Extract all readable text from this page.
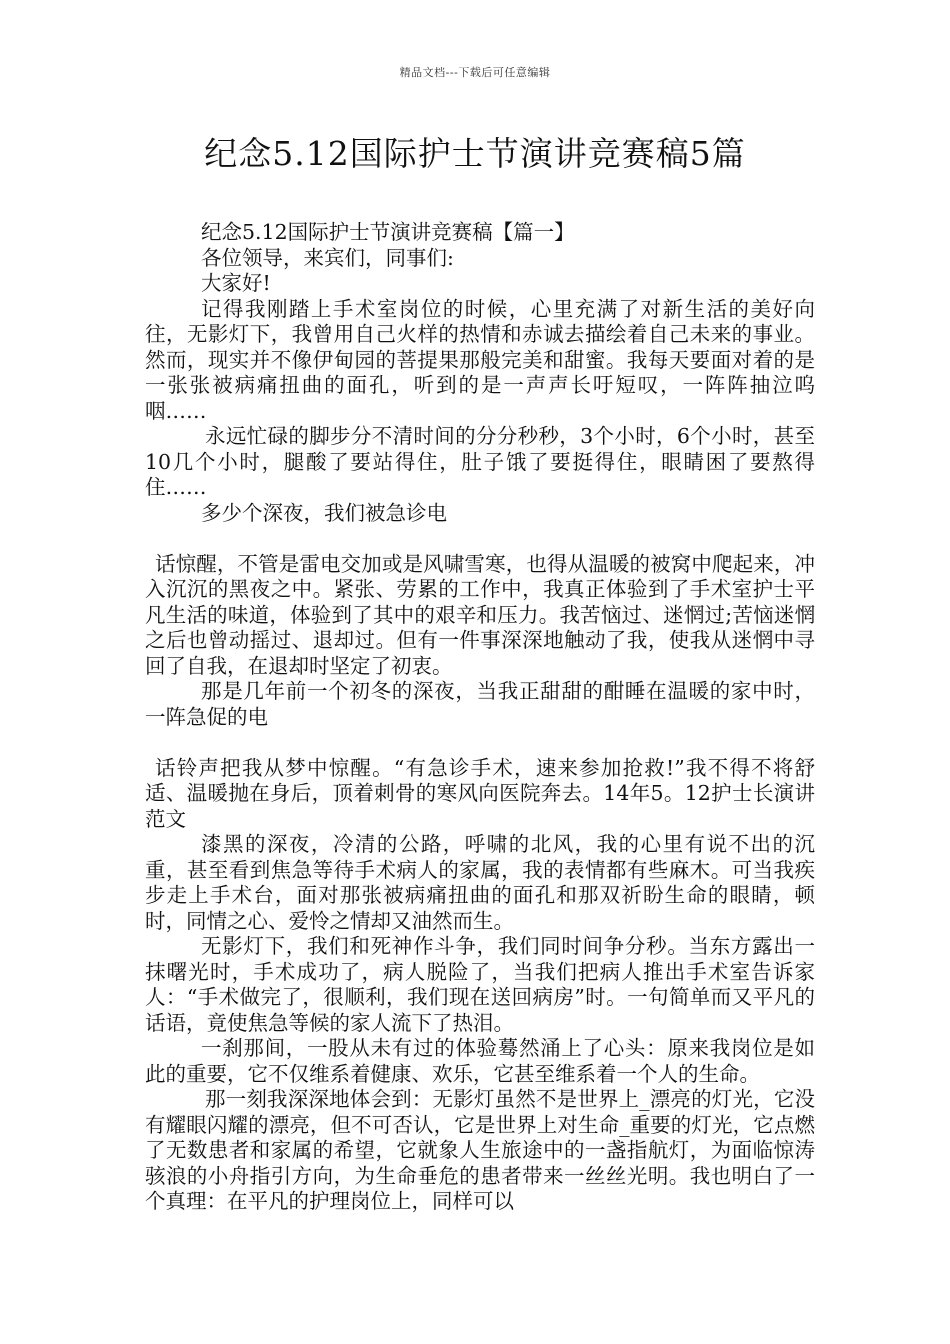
精品文档---下载后可任意编辑
纪念5.12国际护士节演讲竞赛稿5篇

纪念5.12国际护士节演讲竞赛稿【篇一】

各位领导，来宾们，同事们:

大家好!

记得我刚踏上手术室岗位的时候，心里充满了对新生活的美好向往，无影灯下，我曾用自己火样的热情和赤诚去描绘着自己未来的事业。然而，现实并不像伊甸园的菩提果那般完美和甜蜜。我每天要面对着的是一张张被病痛扭曲的面孔，听到的是一声声长吁短叹，一阵阵抽泣呜咽……

永远忙碌的脚步分不清时间的分分秒秒，3个小时，6个小时，甚至10几个小时，腿酸了要站得住，肚子饿了要挺得住，眼睛困了要熬得住……

多少个深夜，我们被急诊电

话惊醒，不管是雷电交加或是风啸雪寒，也得从温暖的被窝中爬起来，冲入沉沉的黑夜之中。紧张、劳累的工作中，我真正体验到了手术室护士平凡生活的味道，体验到了其中的艰辛和压力。我苦恼过、迷惘过;苦恼迷惘之后也曾动摇过、退却过。但有一件事深深地触动了我，使我从迷惘中寻回了自我，在退却时坚定了初衷。

那是几年前一个初冬的深夜，当我正甜甜的酣睡在温暖的家中时，一阵急促的电

话铃声把我从梦中惊醒。“有急诊手术，速来参加抢救!”我不得不将舒适、温暖抛在身后，顶着刺骨的寒风向医院奔去。14年5。12护士长演讲范文

漆黑的深夜，冷清的公路，呼啸的北风，我的心里有说不出的沉重，甚至看到焦急等待手术病人的家属，我的表情都有些麻木。可当我疾步走上手术台，面对那张被病痛扭曲的面孔和那双祈盼生命的眼睛，顿时，同情之心、爱怜之情却又油然而生。

无影灯下，我们和死神作斗争，我们同时间争分秒。当东方露出一抹曙光时，手术成功了，病人脱险了，当我们把病人推出手术室告诉家人：“手术做完了，很顺利，我们现在送回病房”时。一句简单而又平凡的话语，竟使焦急等候的家人流下了热泪。

一刹那间，一股从未有过的体验蓦然涌上了心头：原来我岗位是如此的重要，它不仅维系着健康、欢乐，它甚至维系着一个人的生命。

那一刻我深深地体会到：无影灯虽然不是世界上_漂亮的灯光，它没有耀眼闪耀的漂亮，但不可否认，它是世界上对生命_重要的灯光，它点燃了无数患者和家属的希望，它就象人生旅途中的一盏指航灯，为面临惊涛骇浪的小舟指引方向，为生命垂危的患者带来一丝丝光明。我也明白了一个真理：在平凡的护理岗位上，同样可以
